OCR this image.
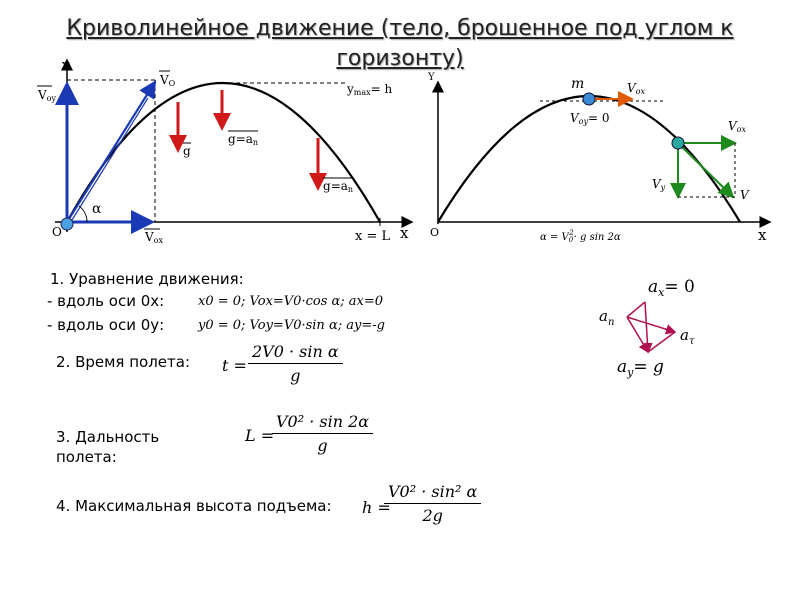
Криволинейное движение (тело, брошенное под углом к
горизонту)
Y
x
O
VO
Voy
Vox
α
ymax= h
x = L
g
g=an
g=an
Y
x
O
m	Vox
Voy= 0
Vox
Vy
V
$\alpha = V_02\cdot g$ sin 2α
$a_x= 0$
$a_n$
$a_\tau$
$a_y= g$
1. Уравнение движения:
- вдоль оси 0х:	x0 = 0; Vox=V0·cos α; ax=0
- вдоль оси 0у:	y0 = 0; Voy=V0·sin α; ay=-g
2. Время полета: $t = \frac{\text{2V0 · sin α}}{g}$
3. Дальность
полета:
L =
$\frac{\text{V0² · sin 2α}}{g}$
4. Максимальная высота подъема: h =
$\frac{\text{V0² · sin² α}}{2g}$
